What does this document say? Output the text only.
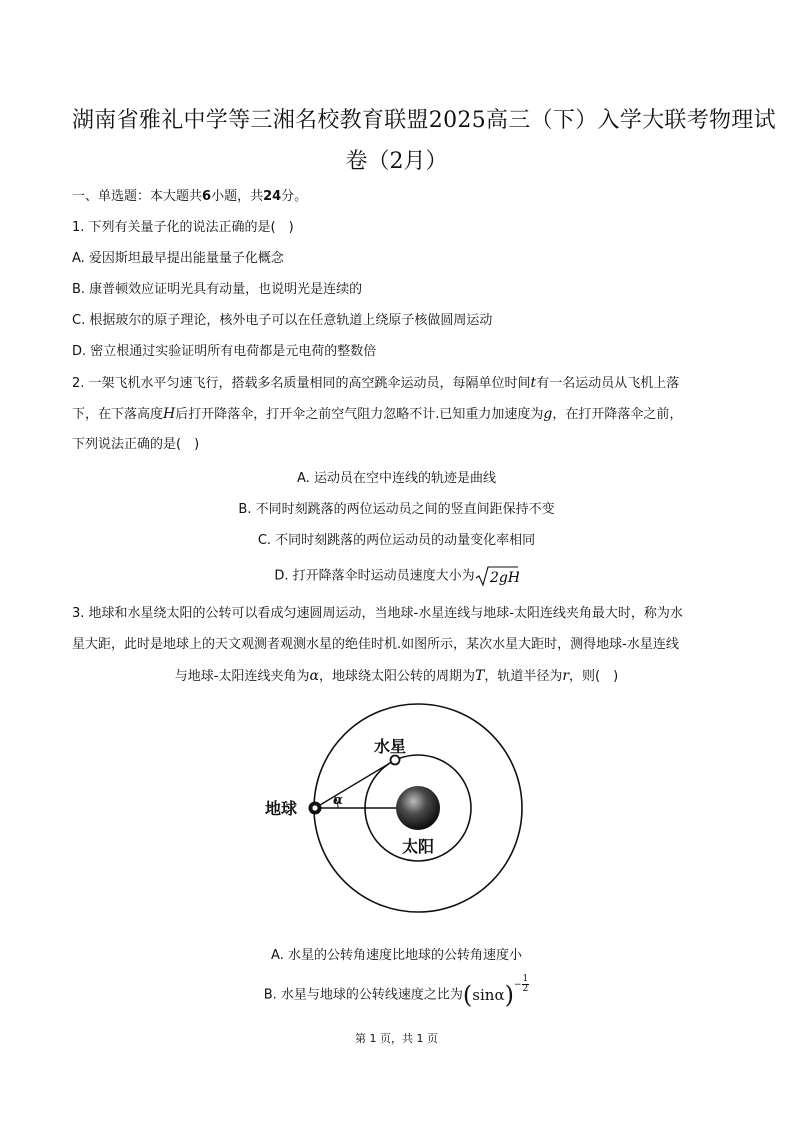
湖南省雅礼中学等三湘名校教育联盟2025高三（下）入学大联考物理试
卷（2月）
一、单选题：本大题共6小题，共24分。
1. 下列有关量子化的说法正确的是(　)
A. 爱因斯坦最早提出能量量子化概念
B. 康普顿效应证明光具有动量，也说明光是连续的
C. 根据玻尔的原子理论，核外电子可以在任意轨道上绕原子核做圆周运动
D. 密立根通过实验证明所有电荷都是元电荷的整数倍
2. 一架飞机水平匀速飞行，搭载多名质量相同的高空跳伞运动员，每隔单位时间t有一名运动员从飞机上落
下，在下落高度H后打开降落伞，打开伞之前空气阻力忽略不计.已知重力加速度为g，在打开降落伞之前，
下列说法正确的是(　)
A. 运动员在空中连线的轨迹是曲线
B. 不同时刻跳落的两位运动员之间的竖直间距保持不变
C. 不同时刻跳落的两位运动员的动量变化率相同
D. 打开降落伞时运动员速度大小为 2gH
3. 地球和水星绕太阳的公转可以看成匀速圆周运动，当地球-水星连线与地球-太阳连线夹角最大时，称为水
星大距，此时是地球上的天文观测者观测水星的绝佳时机.如图所示，某次水星大距时，测得地球-水星连线
与地球-太阳连线夹角为α，地球绕太阳公转的周期为T，轨道半径为r，则(　)
水星
地球
太阳
α
A. 水星的公转角速度比地球的公转角速度小
B. 水星与地球的公转线速度之比为$(\sin\alpha)^{- \frac{1}{2}}$
第 1 页，共 1 页
